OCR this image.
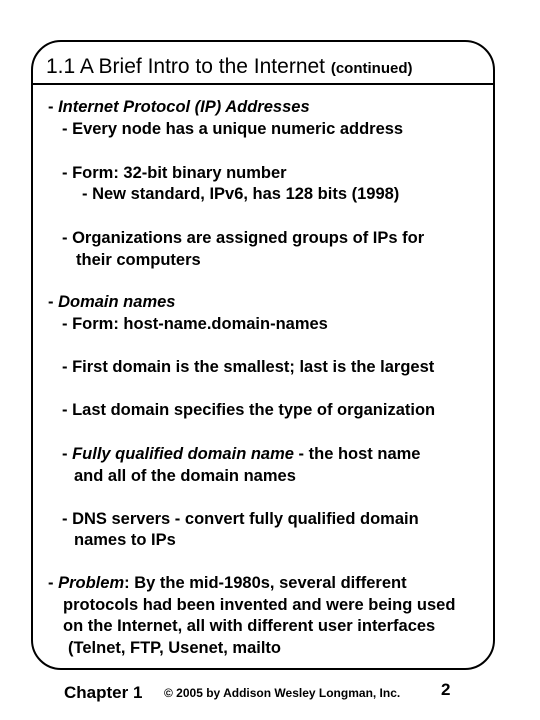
1.1 A Brief Intro to the Internet (continued)
- Internet Protocol (IP) Addresses
- Every node has a unique numeric address
- Form: 32-bit binary number
- New standard, IPv6, has 128 bits (1998)
- Organizations are assigned groups of IPs for
their computers
- Domain names
- Form: host-name.domain-names
- First domain is the smallest; last is the largest
- Last domain specifies the type of organization
- Fully qualified domain name - the host name
and all of the domain names
- DNS servers - convert fully qualified domain
names to IPs
- Problem: By the mid-1980s, several different
protocols had been invented and were being used
on the Internet, all with different user interfaces
(Telnet, FTP, Usenet, mailto
Chapter 1 © 2005 by Addison Wesley Longman, Inc. 2
